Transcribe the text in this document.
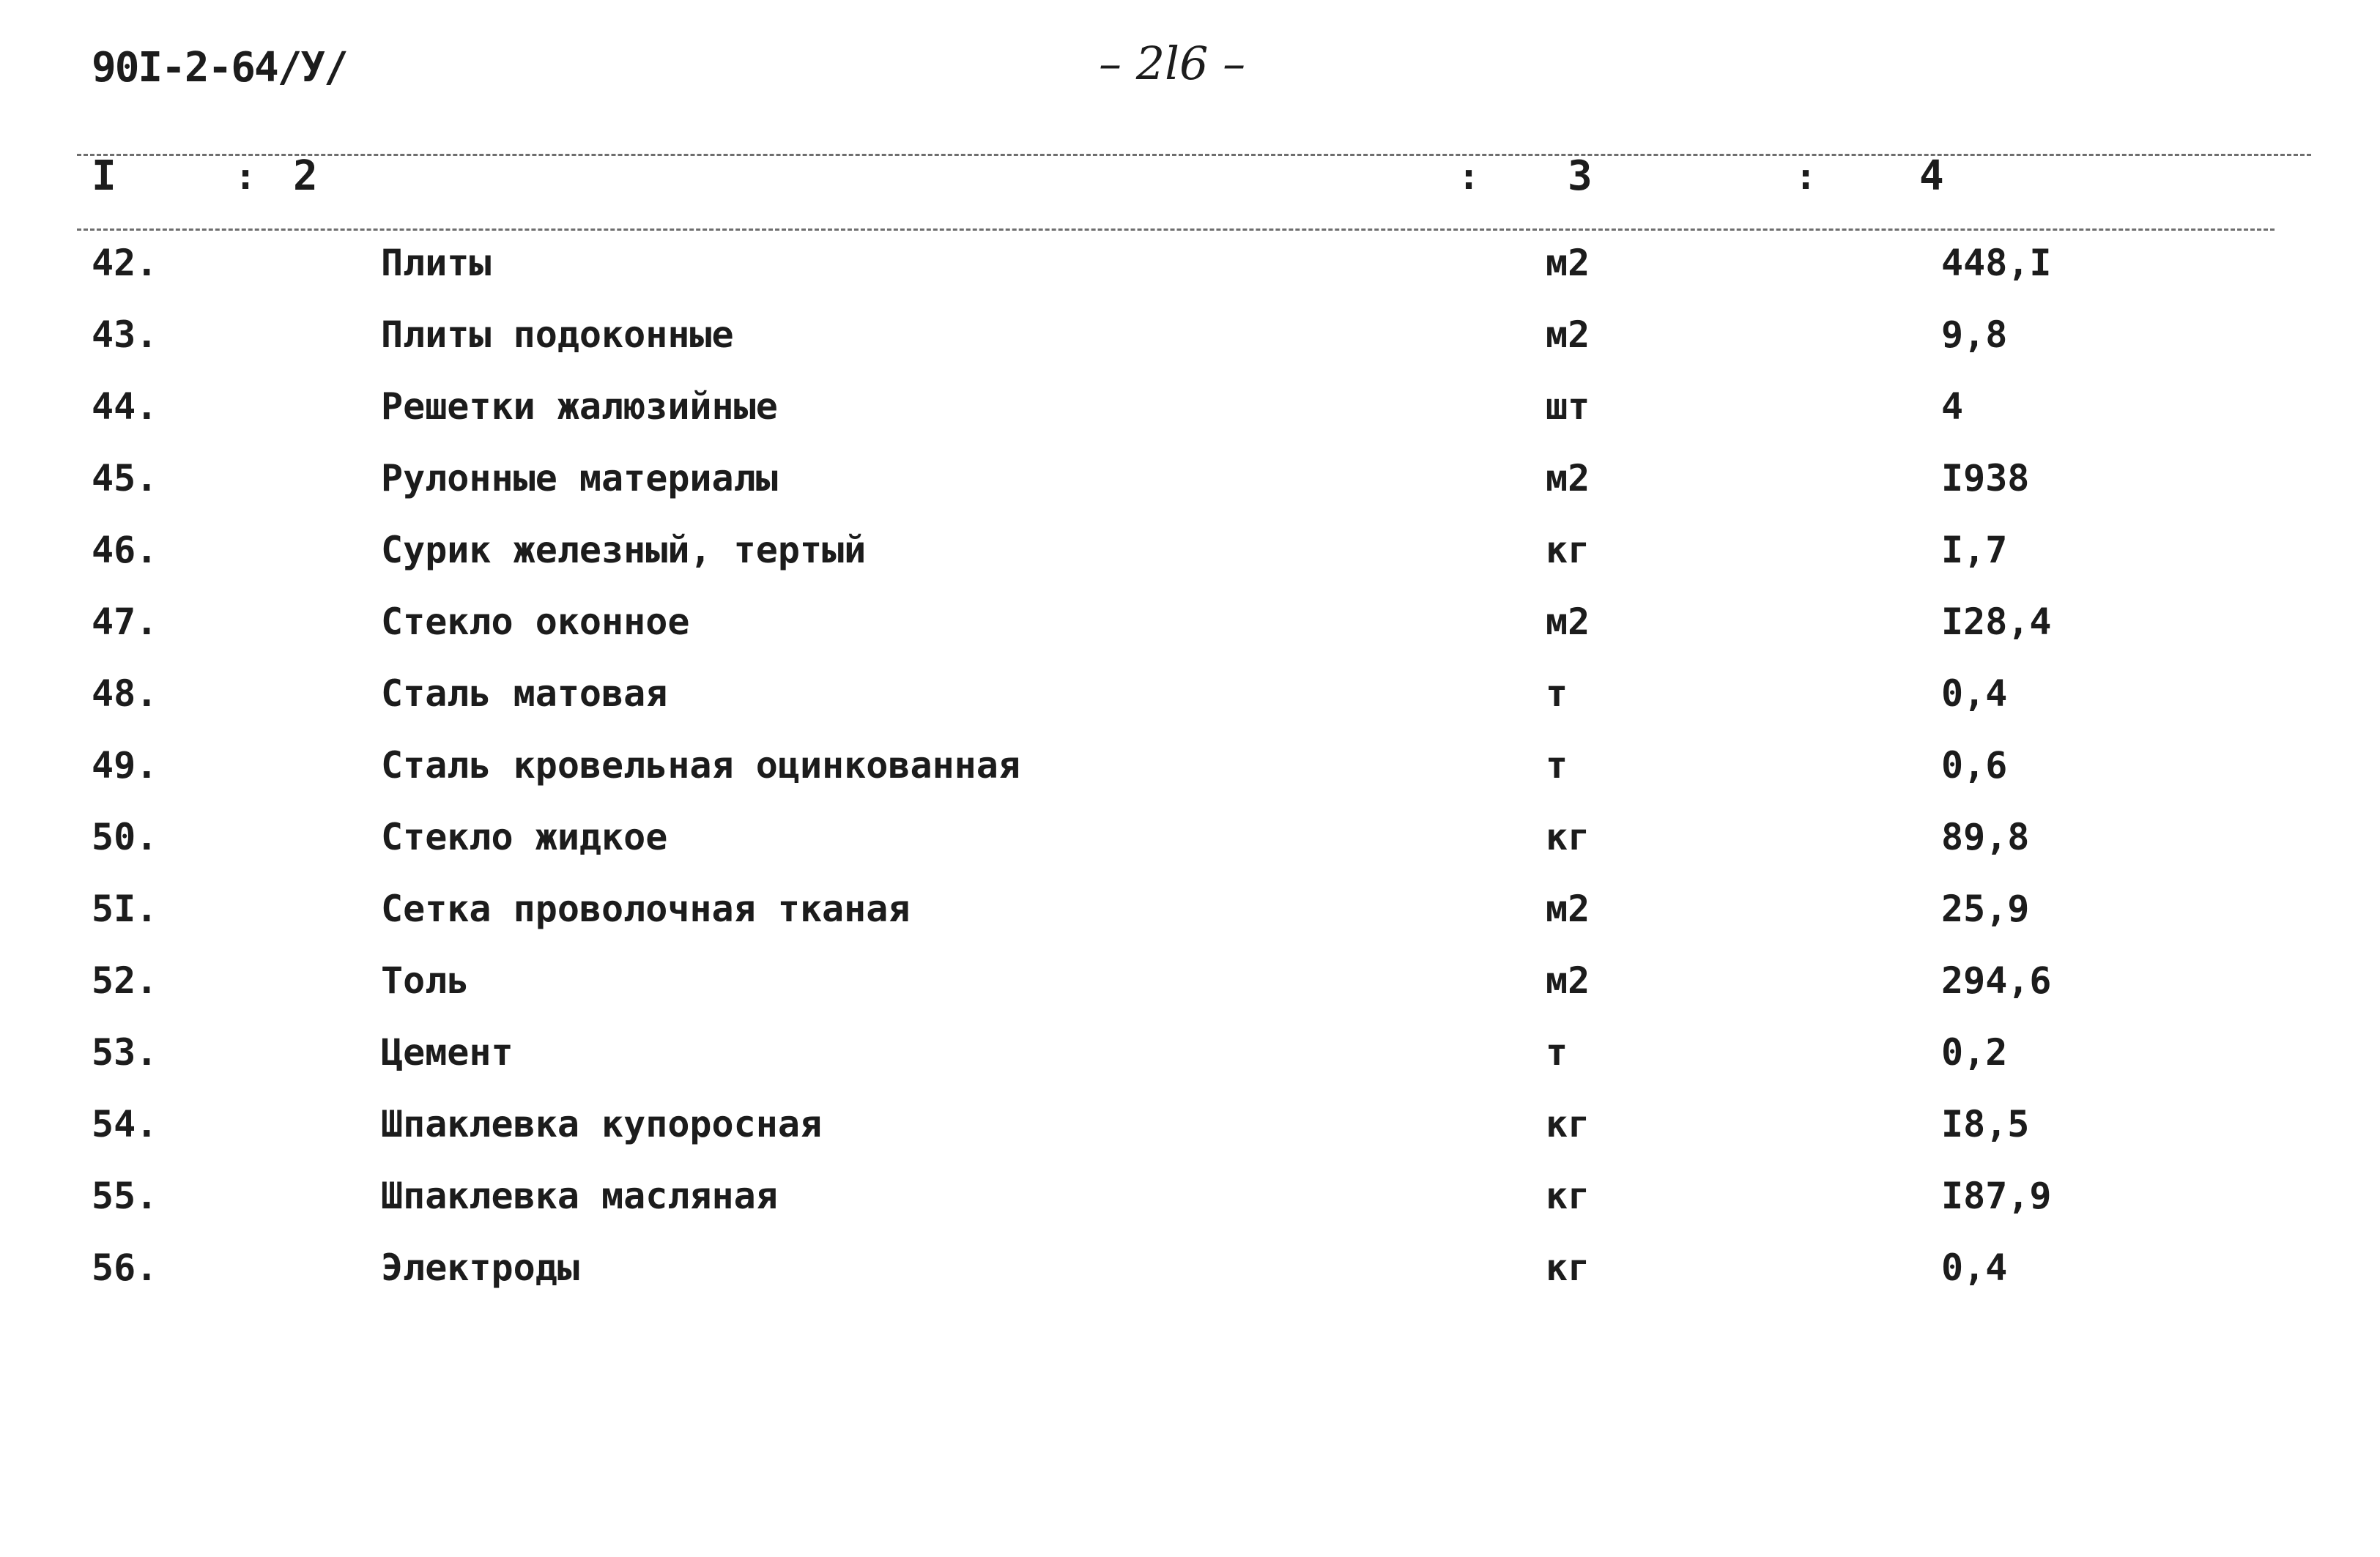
90I-2-64/У/	– 2l6 –
I	: 2	: 3	: 4
42.	Плиты	м2	448,I
43.	Плиты подоконные	м2	9,8
44.	Решетки жалюзийные	шт	4
45.	Рулонные материалы	м2	I938
46.	Сурик железный, тертый	кг	I,7
47.	Стекло оконное	м2	I28,4
48.	Сталь матовая	т	0,4
49.	Сталь кровельная оцинкованная	т	0,6
50.	Стекло жидкое	кг	89,8
5I.	Сетка проволочная тканая	м2	25,9
52.	Толь	м2	294,6
53.	Цемент	т	0,2
54.	Шпаклевка купоросная	кг	I8,5
55.	Шпаклевка масляная	кг	I87,9
56.	Электроды	кг	0,4
